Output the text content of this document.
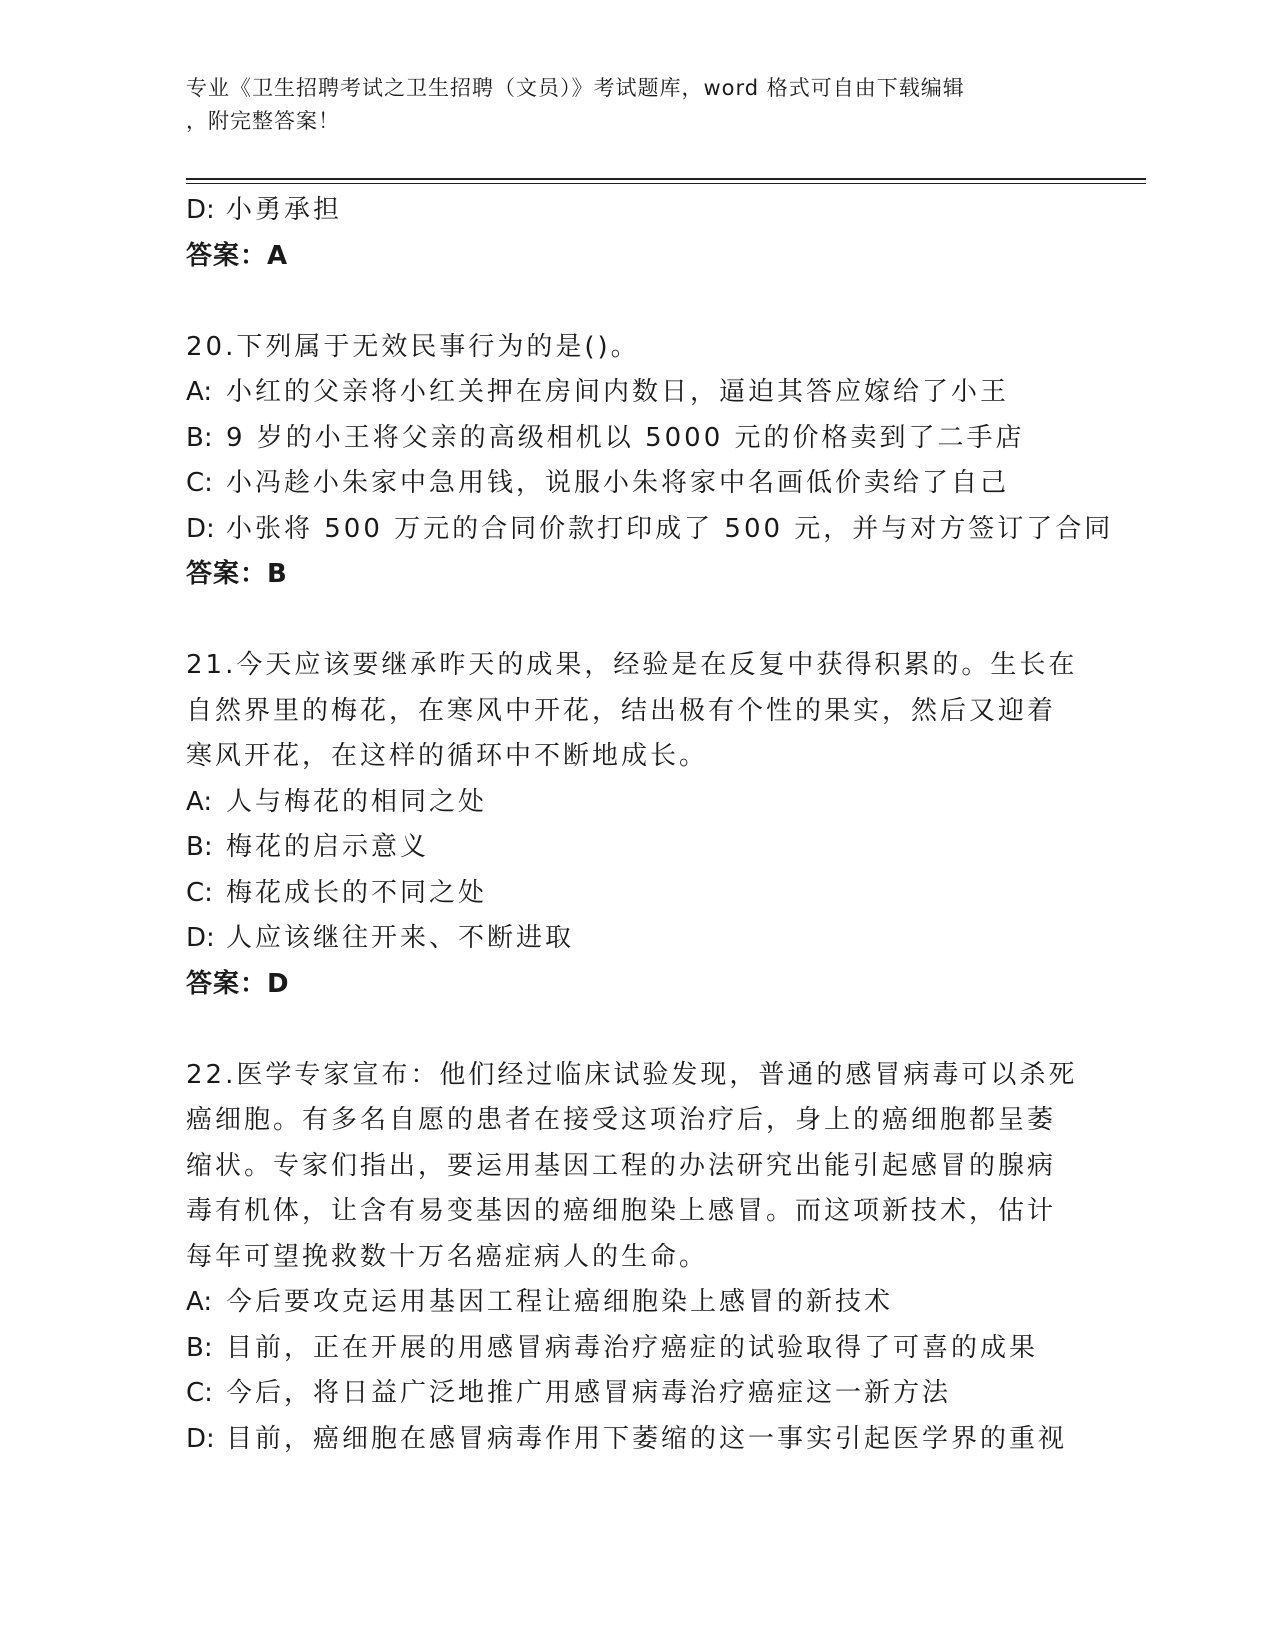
专业《卫生招聘考试之卫生招聘（文员）》考试题库，word 格式可自由下载编辑
，附完整答案！
D: 小勇承担
答案：A
20.下列属于无效民事行为的是()。
A: 小红的父亲将小红关押在房间内数日，逼迫其答应嫁给了小王
B: 9 岁的小王将父亲的高级相机以 5000 元的价格卖到了二手店
C: 小冯趁小朱家中急用钱，说服小朱将家中名画低价卖给了自己
D: 小张将 500 万元的合同价款打印成了 500 元，并与对方签订了合同
答案：B
21.今天应该要继承昨天的成果，经验是在反复中获得积累的。生长在
自然界里的梅花，在寒风中开花，结出极有个性的果实，然后又迎着
寒风开花，在这样的循环中不断地成长。
A: 人与梅花的相同之处
B: 梅花的启示意义
C: 梅花成长的不同之处
D: 人应该继往开来、不断进取
答案：D
22.医学专家宣布：他们经过临床试验发现，普通的感冒病毒可以杀死
癌细胞。有多名自愿的患者在接受这项治疗后，身上的癌细胞都呈萎
缩状。专家们指出，要运用基因工程的办法研究出能引起感冒的腺病
毒有机体，让含有易变基因的癌细胞染上感冒。而这项新技术，估计
每年可望挽救数十万名癌症病人的生命。
A: 今后要攻克运用基因工程让癌细胞染上感冒的新技术
B: 目前，正在开展的用感冒病毒治疗癌症的试验取得了可喜的成果
C: 今后，将日益广泛地推广用感冒病毒治疗癌症这一新方法
D: 目前，癌细胞在感冒病毒作用下萎缩的这一事实引起医学界的重视
